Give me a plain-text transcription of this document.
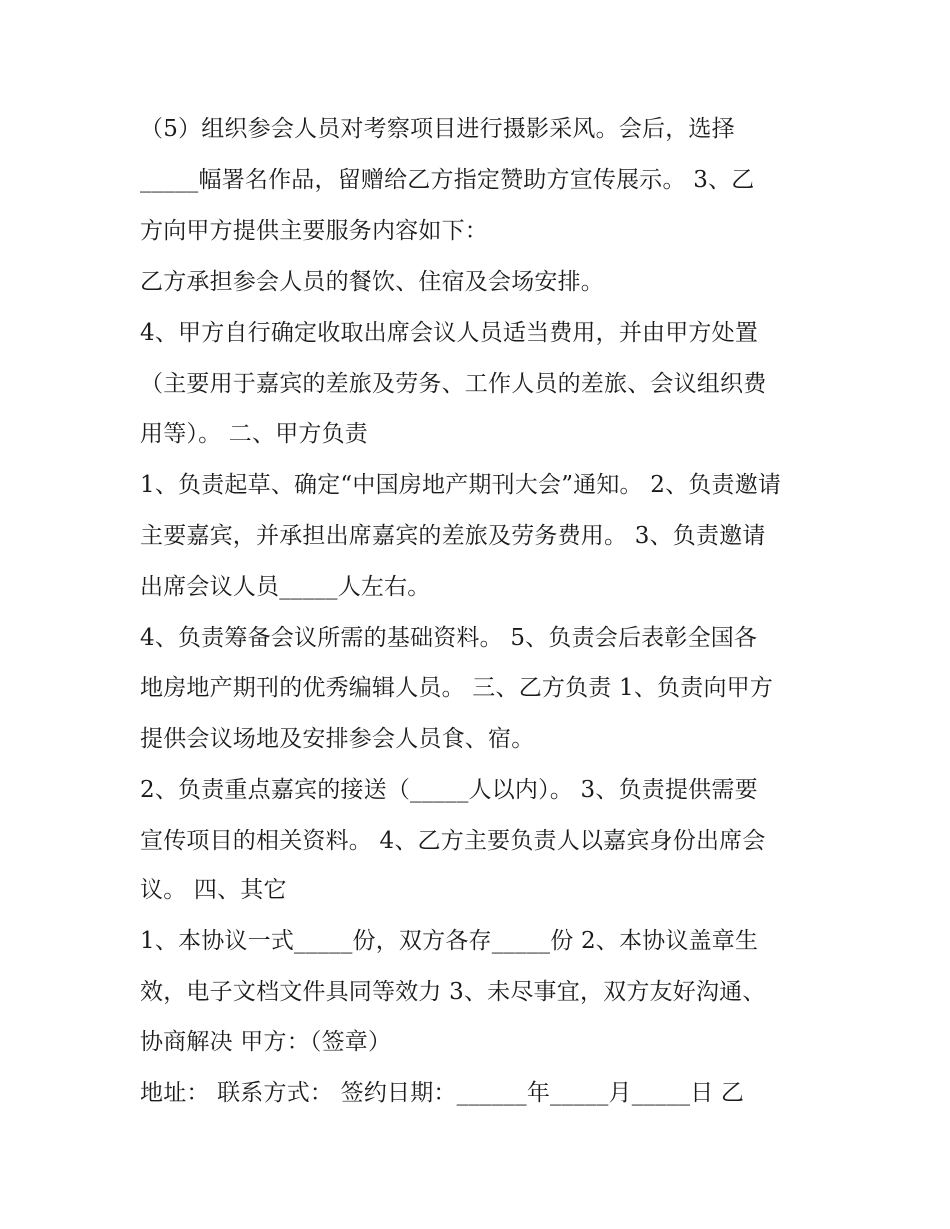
（5）组织参会人员对考察项目进行摄影采风。会后，选择
_____幅署名作品，留赠给乙方指定赞助方宣传展示。 3、乙
方向甲方提供主要服务内容如下：
乙方承担参会人员的餐饮、住宿及会场安排。
4、甲方自行确定收取出席会议人员适当费用，并由甲方处置
（主要用于嘉宾的差旅及劳务、工作人员的差旅、会议组织费
用等）。 二、甲方负责
1、负责起草、确定“中国房地产期刊大会”通知。 2、负责邀请
主要嘉宾，并承担出席嘉宾的差旅及劳务费用。 3、负责邀请
出席会议人员_____人左右。
4、负责筹备会议所需的基础资料。 5、负责会后表彰全国各
地房地产期刊的优秀编辑人员。 三、乙方负责 1、负责向甲方
提供会议场地及安排参会人员食、宿。
2、负责重点嘉宾的接送（_____人以内）。 3、负责提供需要
宣传项目的相关资料。 4、乙方主要负责人以嘉宾身份出席会
议。 四、其它
1、本协议一式_____份，双方各存_____份 2、本协议盖章生
效，电子文档文件具同等效力 3、未尽事宜，双方友好沟通、
协商解决 甲方：（签章）
地址： 联系方式： 签约日期：______年_____月_____日 乙
